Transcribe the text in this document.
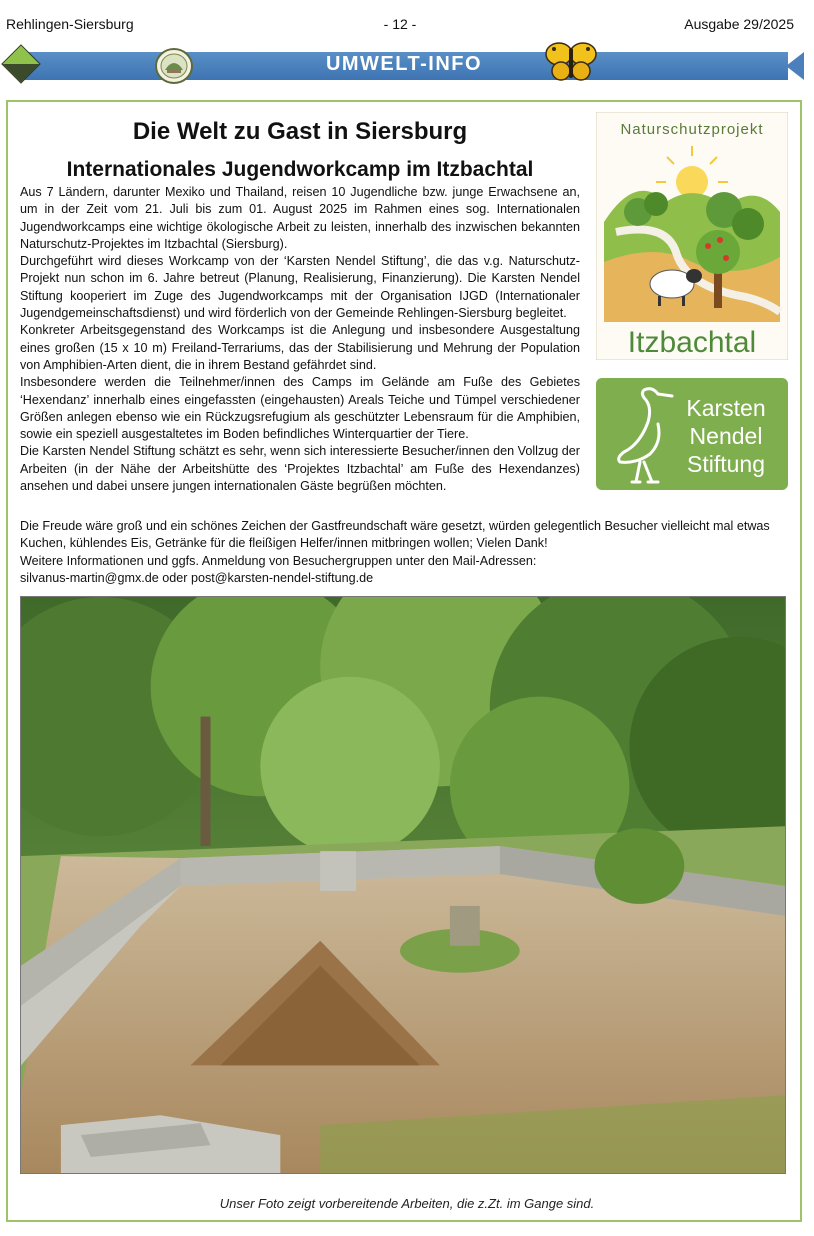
Rehlingen-Siersburg	- 12 -	Ausgabe 29/2025
UMWELT-INFO
Die Welt zu Gast in Siersburg
Internationales Jugendworkcamp im Itzbachtal

Aus 7 Ländern, darunter Mexiko und Thailand, reisen 10 Jugendliche bzw. junge Erwachsene an, um in der Zeit vom 21. Juli bis zum 01. August 2025 im Rahmen eines sog. Internationalen Jugendworkcamps eine wichtige ökologische Arbeit zu leisten, innerhalb des inzwischen bekannten Naturschutz-Projektes im Itzbachtal (Siersburg).

Durchgeführt wird dieses Workcamp von der ‘Karsten Nendel Stiftung’, die das v.g. Naturschutz-Projekt nun schon im 6. Jahre betreut (Planung, Realisierung, Finanzierung). Die Karsten Nendel Stiftung kooperiert im Zuge des Jugendworkcamps mit der Organisation IJGD (Internationaler Jugendgemeinschaftsdienst) und wird förderlich von der Gemeinde Rehlingen-Siersburg begleitet.

Konkreter Arbeitsgegenstand des Workcamps ist die Anlegung und insbesondere Ausgestaltung eines großen (15 x 10 m) Freiland-Terrariums, das der Stabilisierung und Mehrung der Population von Amphibien-Arten dient, die in ihrem Bestand gefährdet sind.

Insbesondere werden die Teilnehmer/innen des Camps im Gelände am Fuße des Gebietes ‘Hexendanz’ innerhalb eines eingefassten (eingehausten) Areals Teiche und Tümpel verschiedener Größen anlegen ebenso wie ein Rückzugsrefugium als geschützter Lebensraum für die Amphibien, sowie ein speziell ausgestaltetes im Boden befindliches Winterquartier der Tiere.

Die Karsten Nendel Stiftung schätzt es sehr, wenn sich interessierte Besucher/innen den Vollzug der Arbeiten (in der Nähe der Arbeitshütte des ‘Projektes Itzbachtal’ am Fuße des Hexendanzes) ansehen und dabei unsere jungen internationalen Gäste begrüßen möchten.

Die Freude wäre groß und ein schönes Zeichen der Gastfreundschaft wäre gesetzt, würden gelegentlich Besucher vielleicht mal etwas Kuchen, kühlendes Eis, Getränke für die fleißigen Helfer/innen mitbringen wollen; Vielen Dank!

Weitere Informationen und ggfs. Anmeldung von Besuchergruppen unter den Mail-Adressen:

silvanus-martin@gmx.de oder post@karsten-nendel-stiftung.de

Naturschutzprojekt
Itzbachtal
Karsten
Nendel
Stiftung
Unser Foto zeigt vorbereitende Arbeiten, die z.Zt. im Gange sind.
